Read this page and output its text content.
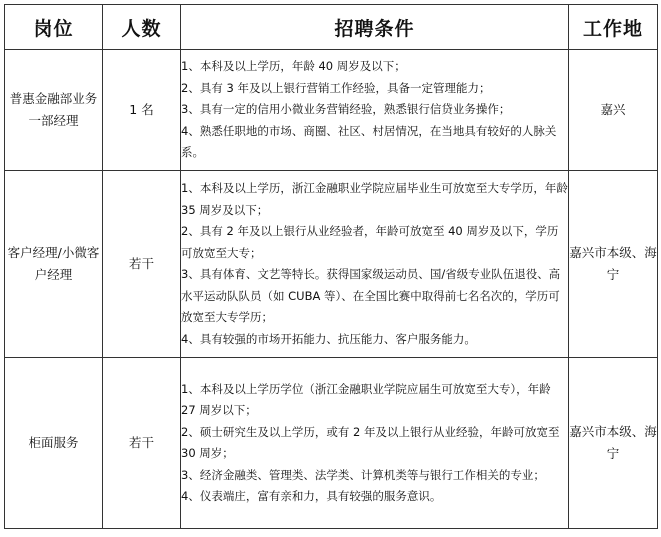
岗位	人数	招聘条件	工作地
普惠金融部业务一部经理	1 名	1、本科及以上学历，年龄 40 周岁及以下；
2、具有 3 年及以上银行营销工作经验，具备一定管理能力；
3、具有一定的信用小微业务营销经验，熟悉银行信贷业务操作；
4、熟悉任职地的市场、商圈、社区、村居情况，在当地具有较好的人脉关系。	嘉兴
客户经理/小微客户经理	若干	1、本科及以上学历，浙江金融职业学院应届毕业生可放宽至大专学历，年龄 35 周岁及以下；
2、具有 2 年及以上银行从业经验者，年龄可放宽至 40 周岁及以下，学历可放宽至大专；
3、具有体育、文艺等特长。获得国家级运动员、国/省级专业队伍退役、高水平运动队队员（如 CUBA 等）、在全国比赛中取得前七名名次的，学历可放宽至大专学历；
4、具有较强的市场开拓能力、抗压能力、客户服务能力。	嘉兴市本级、海宁
柜面服务	若干	1、本科及以上学历学位（浙江金融职业学院应届生可放宽至大专），年龄 27 周岁以下；
2、硕士研究生及以上学历，或有 2 年及以上银行从业经验，年龄可放宽至 30 周岁；
3、经济金融类、管理类、法学类、计算机类等与银行工作相关的专业；
4、仪表端庄，富有亲和力，具有较强的服务意识。	嘉兴市本级、海宁
